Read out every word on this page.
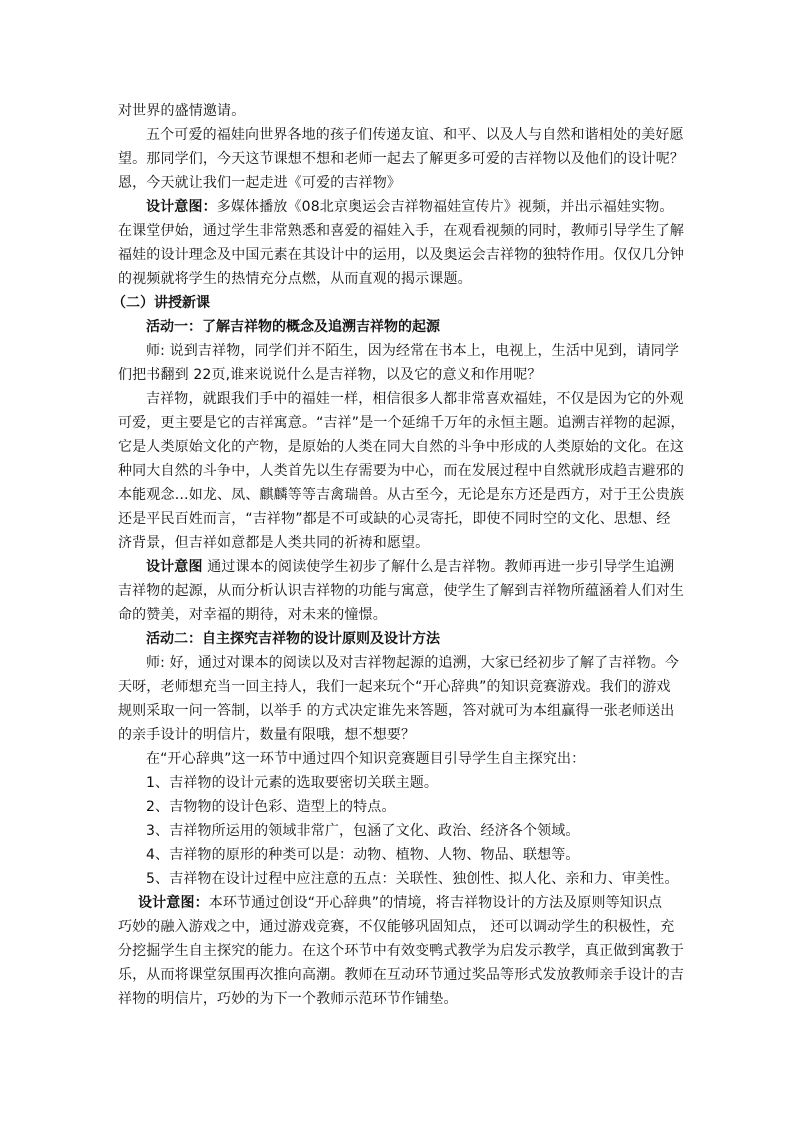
对世界的盛情邀请。
五个可爱的福娃向世界各地的孩子们传递友谊、和平、以及人与自然和谐相处的美好愿
望。那同学们，今天这节课想不想和老师一起去了解更多可爱的吉祥物以及他们的设计呢？
恩，今天就让我们一起走进《可爱的吉祥物》
设计意图：多媒体播放《08北京奥运会吉祥物福娃宣传片》视频，并出示福娃实物。
在课堂伊始，通过学生非常熟悉和喜爱的福娃入手，在观看视频的同时，教师引导学生了解
福娃的设计理念及中国元素在其设计中的运用，以及奥运会吉祥物的独特作用。仅仅几分钟
的视频就将学生的热情充分点燃，从而直观的揭示课题。
（二）讲授新课
活动一：了解吉祥物的概念及追溯吉祥物的起源
师: 说到吉祥物，同学们并不陌生，因为经常在书本上，电视上，生活中见到，请同学
们把书翻到 22页,谁来说说什么是吉祥物，以及它的意义和作用呢？
吉祥物，就跟我们手中的福娃一样，相信很多人都非常喜欢福娃，不仅是因为它的外观
可爱，更主要是它的吉祥寓意。“吉祥”是一个延绵千万年的永恒主题。追溯吉祥物的起源，
它是人类原始文化的产物，是原始的人类在同大自然的斗争中形成的人类原始的文化。在这
种同大自然的斗争中，人类首先以生存需要为中心，而在发展过程中自然就形成趋吉避邪的
本能观念…如龙、凤、麒麟等等吉禽瑞兽。从古至今，无论是东方还是西方，对于王公贵族
还是平民百姓而言，“吉祥物”都是不可或缺的心灵寄托，即使不同时空的文化、思想、经
济背景，但吉祥如意都是人类共同的祈祷和愿望。
设计意图 通过课本的阅读使学生初步了解什么是吉祥物。教师再进一步引导学生追溯
吉祥物的起源，从而分析认识吉祥物的功能与寓意，使学生了解到吉祥物所蕴涵着人们对生
命的赞美，对幸福的期待，对未来的憧憬。
活动二：自主探究吉祥物的设计原则及设计方法
师: 好，通过对课本的阅读以及对吉祥物起源的追溯，大家已经初步了解了吉祥物。今
天呀，老师想充当一回主持人，我们一起来玩个“开心辞典”的知识竞赛游戏。我们的游戏
规则采取一问一答制，以举手 的方式决定谁先来答题，答对就可为本组赢得一张老师送出
的亲手设计的明信片，数量有限哦，想不想要？
在“开心辞典”这一环节中通过四个知识竞赛题目引导学生自主探究出：
1、吉祥物的设计元素的选取要密切关联主题。
2、吉物物的设计色彩、造型上的特点。
3、吉祥物所运用的领域非常广，包涵了文化、政治、经济各个领域。
4、吉祥物的原形的种类可以是：动物、植物、人物、物品、联想等。
5、吉祥物在设计过程中应注意的五点：关联性、独创性、拟人化、亲和力、审美性。
设计意图：本环节通过创设“开心辞典”的情境，将吉祥物设计的方法及原则等知识点
巧妙的融入游戏之中，通过游戏竞赛，不仅能够巩固知点， 还可以调动学生的积极性，充
分挖掘学生自主探究的能力。在这个环节中有效变鸭式教学为启发示教学，真正做到寓教于
乐，从而将课堂氛围再次推向高潮。教师在互动环节通过奖品等形式发放教师亲手设计的吉
祥物的明信片，巧妙的为下一个教师示范环节作铺垫。
